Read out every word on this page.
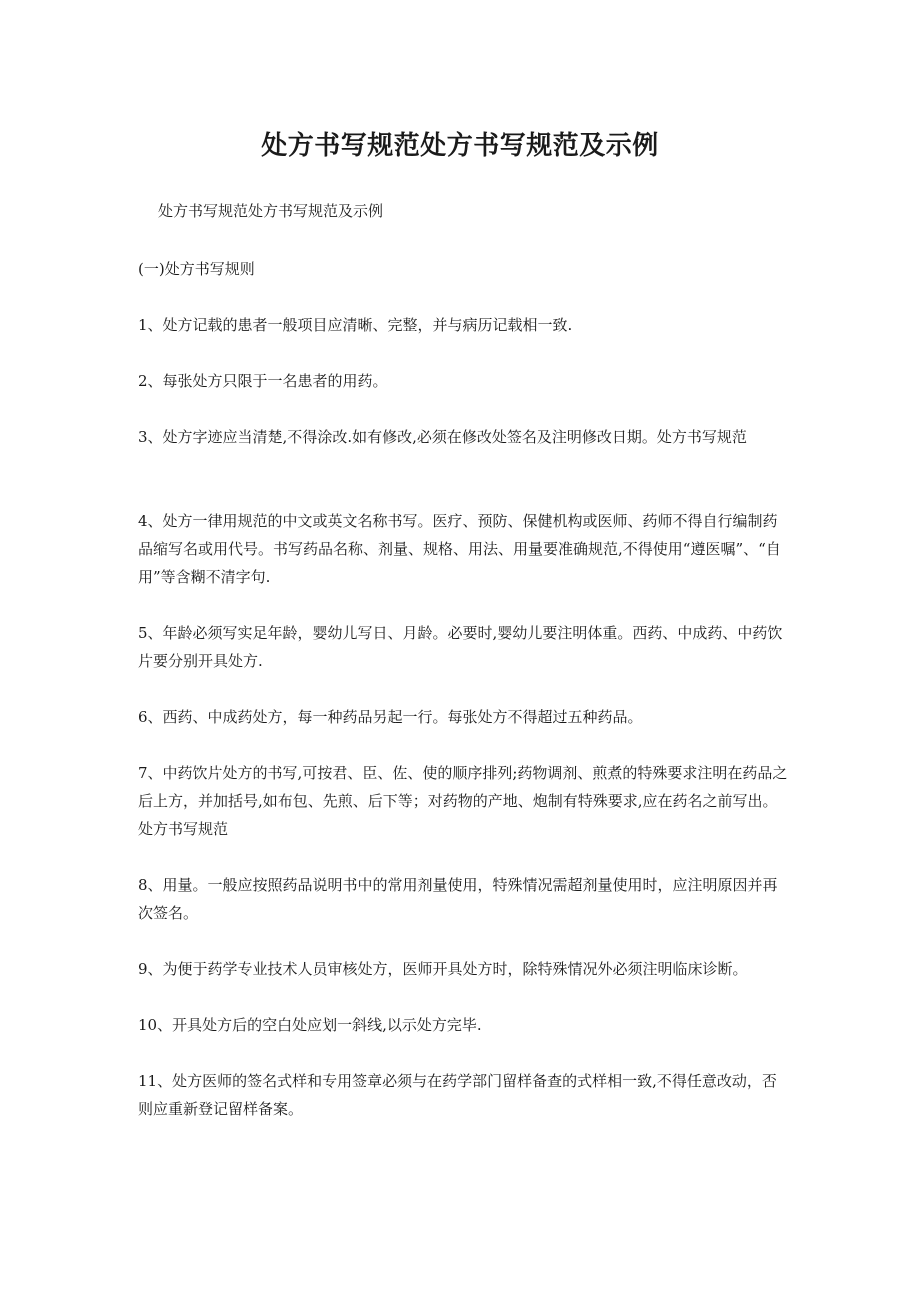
处方书写规范处方书写规范及示例

处方书写规范处方书写规范及示例

(一)处方书写规则

1、处方记载的患者一般项目应清晰、完整，并与病历记载相一致.

2、每张处方只限于一名患者的用药。

3、处方字迹应当清楚,不得涂改.如有修改,必须在修改处签名及注明修改日期。处方书写规范

4、处方一律用规范的中文或英文名称书写。医疗、预防、保健机构或医师、药师不得自行编制药品缩写名或用代号。书写药品名称、剂量、规格、用法、用量要准确规范,不得使用“遵医嘱”、“自用”等含糊不清字句.

5、年龄必须写实足年龄，婴幼儿写日、月龄。必要时,婴幼儿要注明体重。西药、中成药、中药饮片要分别开具处方.

6、西药、中成药处方，每一种药品另起一行。每张处方不得超过五种药品。

7、中药饮片处方的书写,可按君、臣、佐、使的顺序排列;药物调剂、煎煮的特殊要求注明在药品之后上方，并加括号,如布包、先煎、后下等；对药物的产地、炮制有特殊要求,应在药名之前写出。处方书写规范

8、用量。一般应按照药品说明书中的常用剂量使用，特殊情况需超剂量使用时，应注明原因并再次签名。

9、为便于药学专业技术人员审核处方，医师开具处方时，除特殊情况外必须注明临床诊断。

10、开具处方后的空白处应划一斜线,以示处方完毕.

11、处方医师的签名式样和专用签章必须与在药学部门留样备查的式样相一致,不得任意改动，否则应重新登记留样备案。
